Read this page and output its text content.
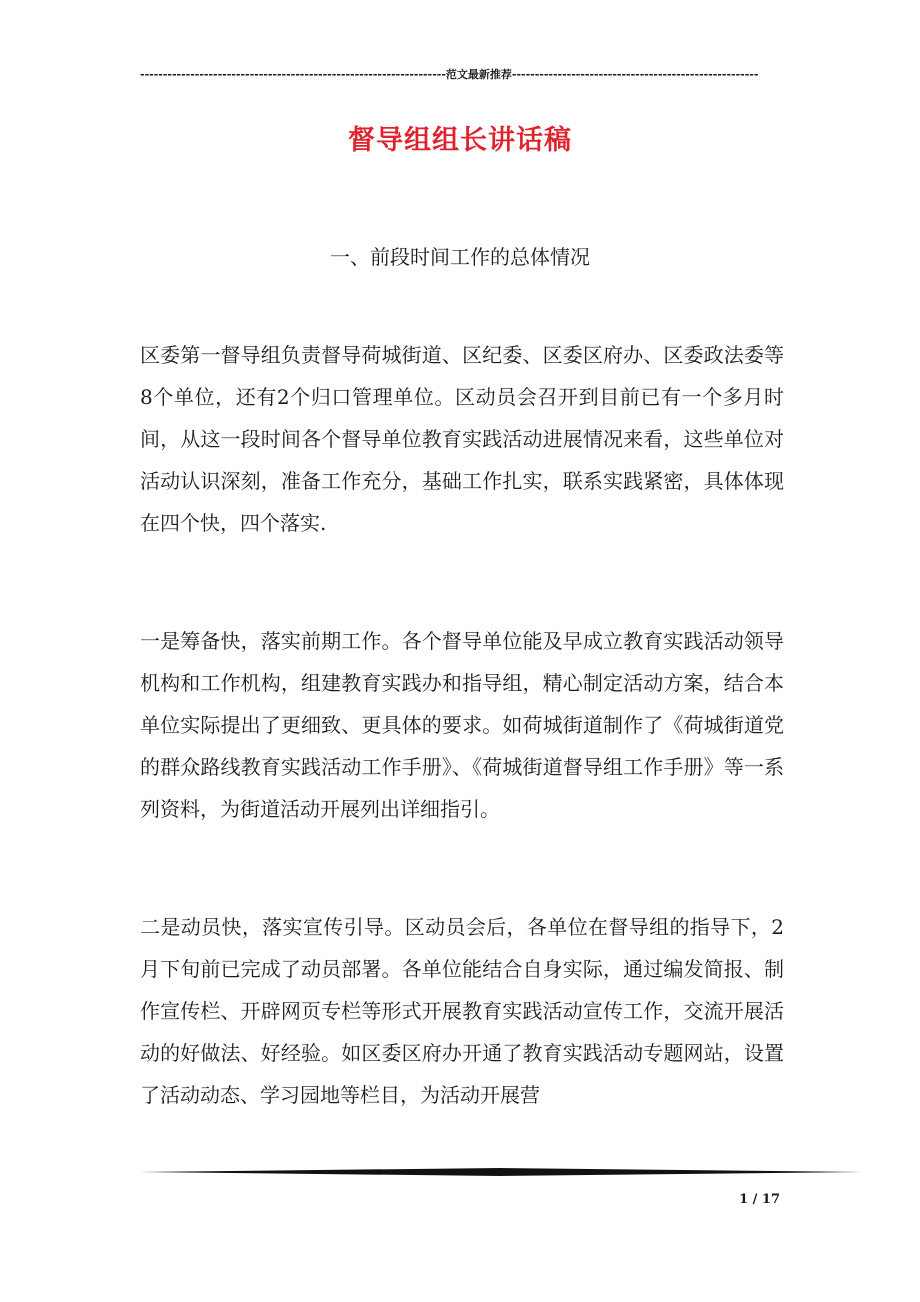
-------------------------------------------------------------------范文最新推荐------------------------------------------------------
督导组组长讲话稿
一、前段时间工作的总体情况
区委第一督导组负责督导荷城街道、区纪委、区委区府办、区委政法委等8个单位，还有2个归口管理单位。区动员会召开到目前已有一个多月时间，从这一段时间各个督导单位教育实践活动进展情况来看，这些单位对活动认识深刻，准备工作充分，基础工作扎实，联系实践紧密，具体体现在四个快，四个落实.
一是筹备快，落实前期工作。各个督导单位能及早成立教育实践活动领导机构和工作机构，组建教育实践办和指导组，精心制定活动方案，结合本单位实际提出了更细致、更具体的要求。如荷城街道制作了《荷城街道党的群众路线教育实践活动工作手册》、《荷城街道督导组工作手册》等一系列资料，为街道活动开展列出详细指引。
二是动员快，落实宣传引导。区动员会后，各单位在督导组的指导下，2月下旬前已完成了动员部署。各单位能结合自身实际，通过编发简报、制作宣传栏、开辟网页专栏等形式开展教育实践活动宣传工作，交流开展活动的好做法、好经验。如区委区府办开通了教育实践活动专题网站，设置了活动动态、学习园地等栏目，为活动开展营
1 / 17
